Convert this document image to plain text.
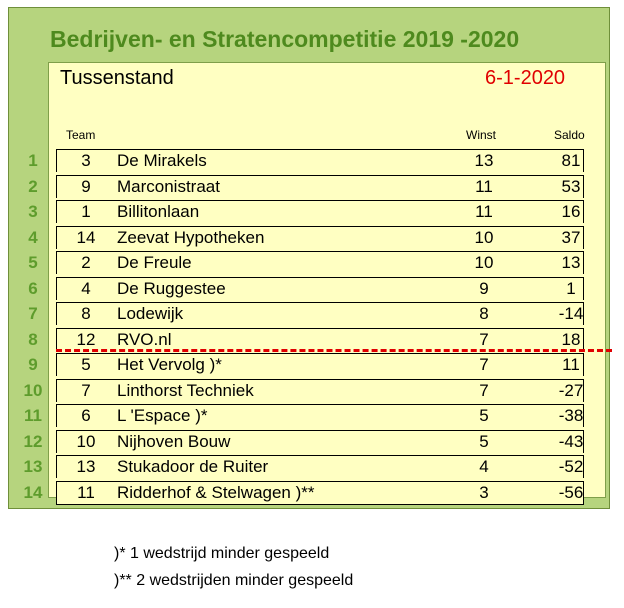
Bedrijven- en Stratencompetitie 2019 -2020
Tussenstand	6-1-2020
Team	Winst	Saldo
1	3	De Mirakels	13	81
2	9	Marconistraat	11	53
3	1	Billitonlaan	11	16
4	14	Zeevat Hypotheken	10	37
5	2	De Freule	10	13
6	4	De Ruggestee	9	1
7	8	Lodewijk	8	-14
8	12	RVO.nl	7	18
9	5	Het Vervolg )*	7	11
10	7	Linthorst Techniek	7	-27
11	6	L 'Espace )*	5	-38
12	10	Nijhoven Bouw	5	-43
13	13	Stukadoor de Ruiter	4	-52
14	11	Ridderhof & Stelwagen )**	3	-56
)* 1 wedstrijd minder gespeeld
)** 2 wedstrijden minder gespeeld
